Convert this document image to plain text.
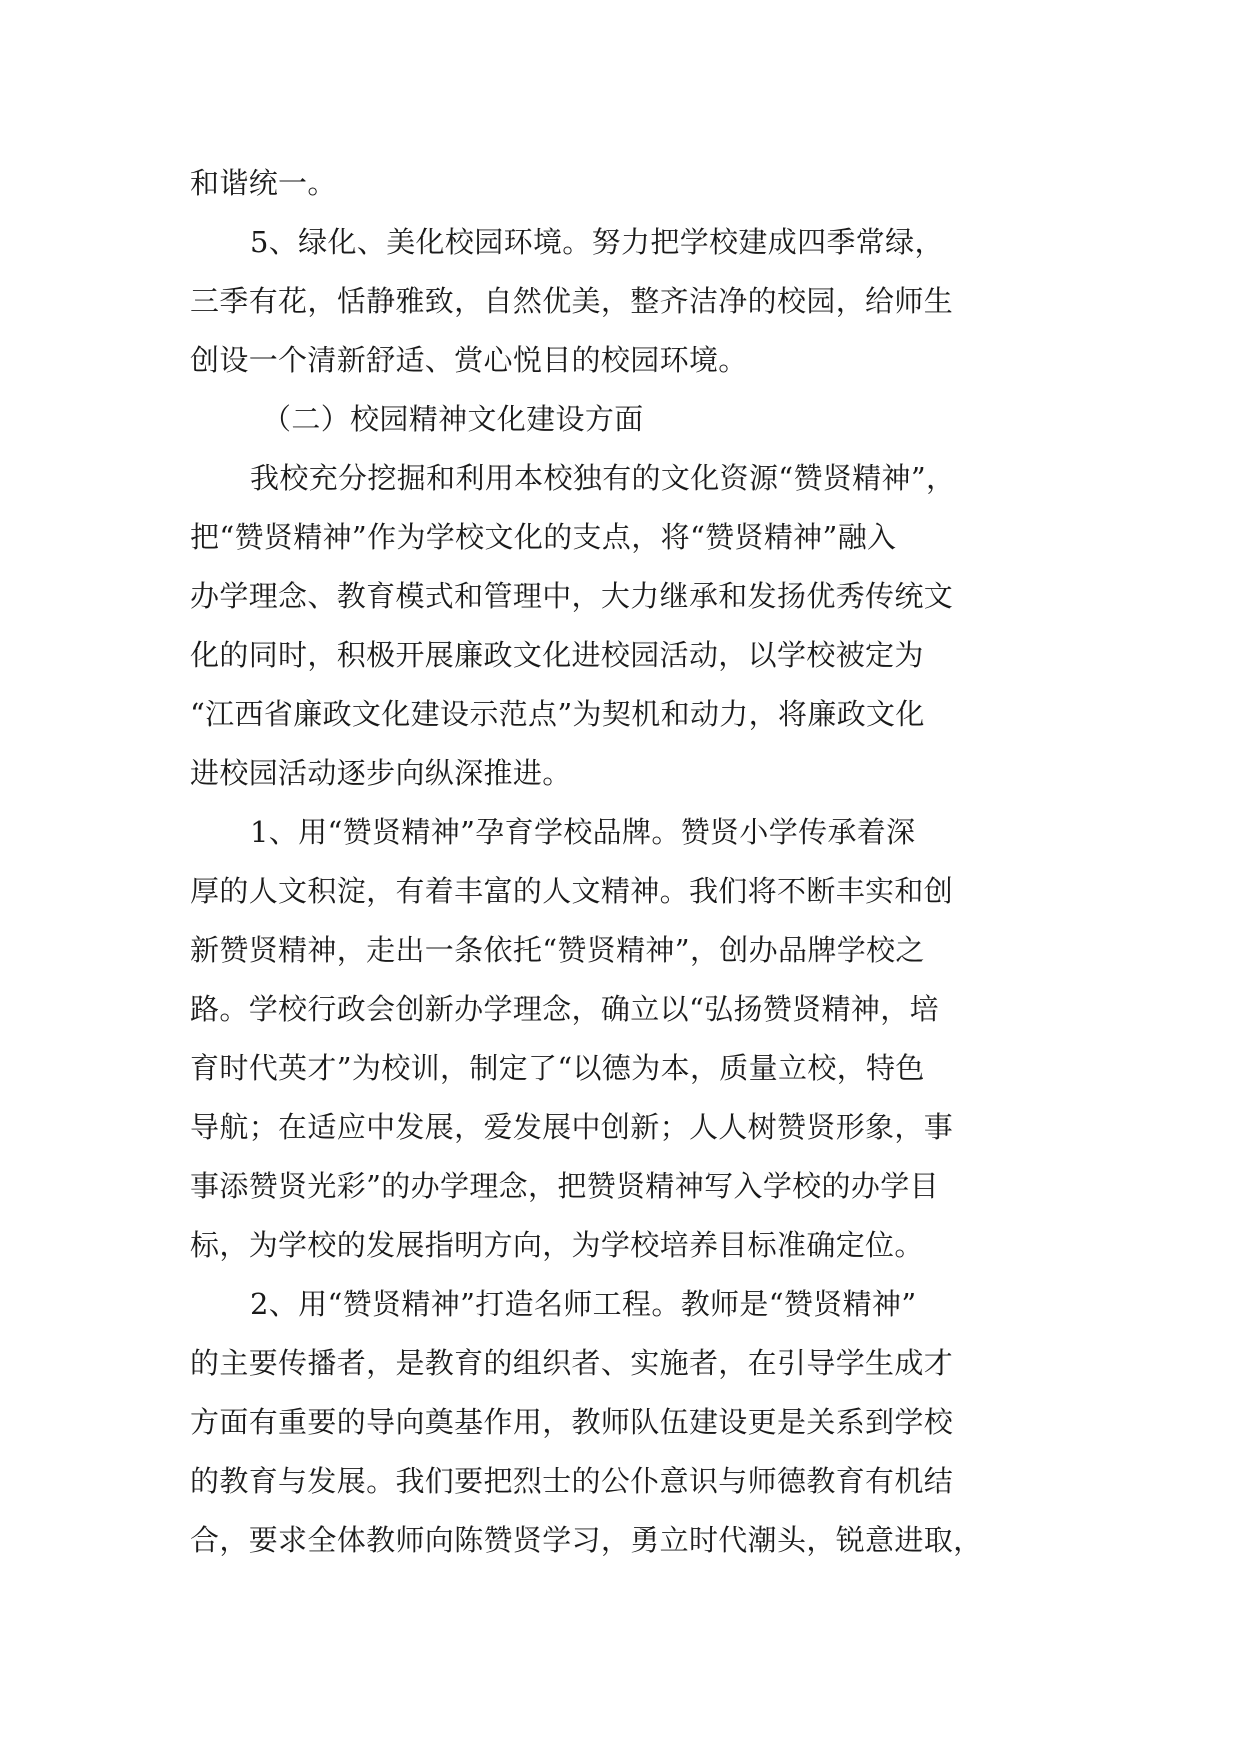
和谐统一。
5、绿化、美化校园环境。努力把学校建成四季常绿，
三季有花，恬静雅致，自然优美，整齐洁净的校园，给师生
创设一个清新舒适、赏心悦目的校园环境。
（二）校园精神文化建设方面
我校充分挖掘和利用本校独有的文化资源“赞贤精神”，
把“赞贤精神”作为学校文化的支点，将“赞贤精神”融入
办学理念、教育模式和管理中，大力继承和发扬优秀传统文
化的同时，积极开展廉政文化进校园活动，以学校被定为
“江西省廉政文化建设示范点”为契机和动力，将廉政文化
进校园活动逐步向纵深推进。
1、用“赞贤精神”孕育学校品牌。赞贤小学传承着深
厚的人文积淀，有着丰富的人文精神。我们将不断丰实和创
新赞贤精神，走出一条依托“赞贤精神”，创办品牌学校之
路。学校行政会创新办学理念，确立以“弘扬赞贤精神，培
育时代英才”为校训，制定了“以德为本，质量立校，特色
导航；在适应中发展，爱发展中创新；人人树赞贤形象，事
事添赞贤光彩”的办学理念，把赞贤精神写入学校的办学目
标，为学校的发展指明方向，为学校培养目标准确定位。
2、用“赞贤精神”打造名师工程。教师是“赞贤精神”
的主要传播者，是教育的组织者、实施者，在引导学生成才
方面有重要的导向奠基作用，教师队伍建设更是关系到学校
的教育与发展。我们要把烈士的公仆意识与师德教育有机结
合，要求全体教师向陈赞贤学习，勇立时代潮头，锐意进取，
